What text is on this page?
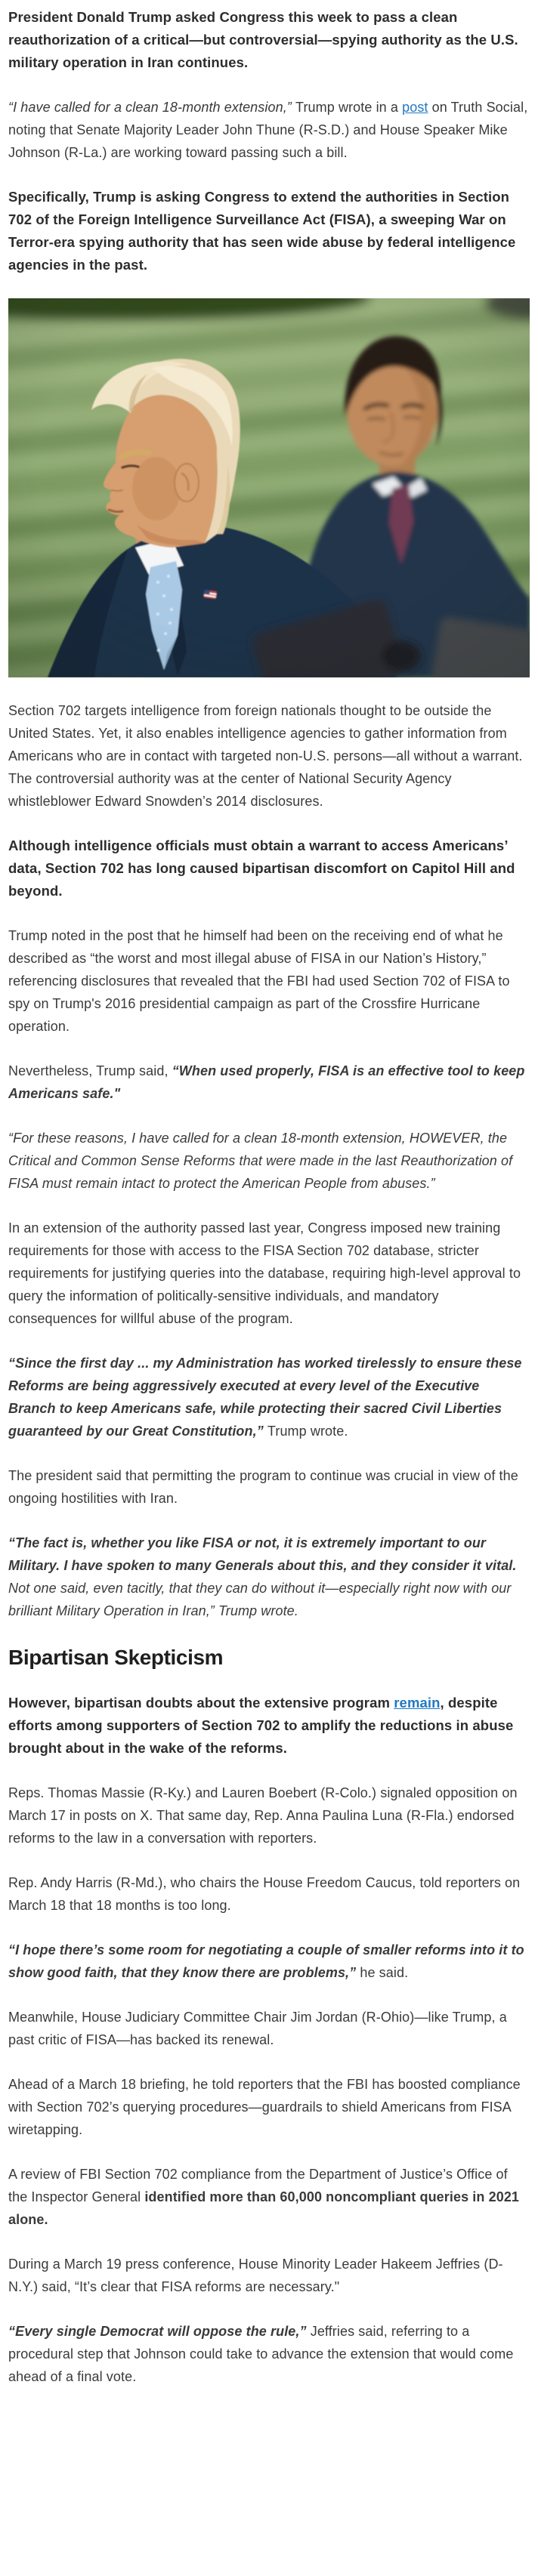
President Donald Trump asked Congress this week to pass a clean reauthorization of a critical—but controversial—spying authority as the U.S. military operation in Iran continues.

“I have called for a clean 18-month extension,” Trump wrote in a post on Truth Social, noting that Senate Majority Leader John Thune (R-S.D.) and House Speaker Mike Johnson (R-La.) are working toward passing such a bill.

Specifically, Trump is asking Congress to extend the authorities in Section 702 of the Foreign Intelligence Surveillance Act (FISA), a sweeping War on Terror-era spying authority that has seen wide abuse by federal intelligence agencies in the past.

Section 702 targets intelligence from foreign nationals thought to be outside the United States. Yet, it also enables intelligence agencies to gather information from Americans who are in contact with targeted non-U.S. persons—all without a warrant. The controversial authority was at the center of National Security Agency whistleblower Edward Snowden’s 2014 disclosures.

Although intelligence officials must obtain a warrant to access Americans’ data, Section 702 has long caused bipartisan discomfort on Capitol Hill and beyond.

Trump noted in the post that he himself had been on the receiving end of what he described as “the worst and most illegal abuse of FISA in our Nation’s History,” referencing disclosures that revealed that the FBI had used Section 702 of FISA to spy on Trump's 2016 presidential campaign as part of the Crossfire Hurricane operation.

Nevertheless, Trump said, “When used properly, FISA is an effective tool to keep Americans safe."

“For these reasons, I have called for a clean 18-month extension, HOWEVER, the Critical and Common Sense Reforms that were made in the last Reauthorization of FISA must remain intact to protect the American People from abuses.”

In an extension of the authority passed last year, Congress imposed new training requirements for those with access to the FISA Section 702 database, stricter requirements for justifying queries into the database, requiring high-level approval to query the information of politically-sensitive individuals, and mandatory consequences for willful abuse of the program.

“Since the first day ... my Administration has worked tirelessly to ensure these Reforms are being aggressively executed at every level of the Executive Branch to keep Americans safe, while protecting their sacred Civil Liberties guaranteed by our Great Constitution,” Trump wrote.

The president said that permitting the program to continue was crucial in view of the ongoing hostilities with Iran.

“The fact is, whether you like FISA or not, it is extremely important to our Military. I have spoken to many Generals about this, and they consider it vital. Not one said, even tacitly, that they can do without it—especially right now with our brilliant Military Operation in Iran,” Trump wrote.

Bipartisan Skepticism

However, bipartisan doubts about the extensive program remain, despite efforts among supporters of Section 702 to amplify the reductions in abuse brought about in the wake of the reforms.

Reps. Thomas Massie (R-Ky.) and Lauren Boebert (R-Colo.) signaled opposition on March 17 in posts on X. That same day, Rep. Anna Paulina Luna (R-Fla.) endorsed reforms to the law in a conversation with reporters.

Rep. Andy Harris (R-Md.), who chairs the House Freedom Caucus, told reporters on March 18 that 18 months is too long.

“I hope there’s some room for negotiating a couple of smaller reforms into it to show good faith, that they know there are problems,” he said.

Meanwhile, House Judiciary Committee Chair Jim Jordan (R-Ohio)—like Trump, a past critic of FISA—has backed its renewal.

Ahead of a March 18 briefing, he told reporters that the FBI has boosted compliance with Section 702’s querying procedures—guardrails to shield Americans from FISA wiretapping.

A review of FBI Section 702 compliance from the Department of Justice’s Office of the Inspector General identified more than 60,000 noncompliant queries in 2021 alone.

During a March 19 press conference, House Minority Leader Hakeem Jeffries (D-N.Y.) said, “It’s clear that FISA reforms are necessary."

“Every single Democrat will oppose the rule,” Jeffries said, referring to a procedural step that Johnson could take to advance the extension that would come ahead of a final vote.
